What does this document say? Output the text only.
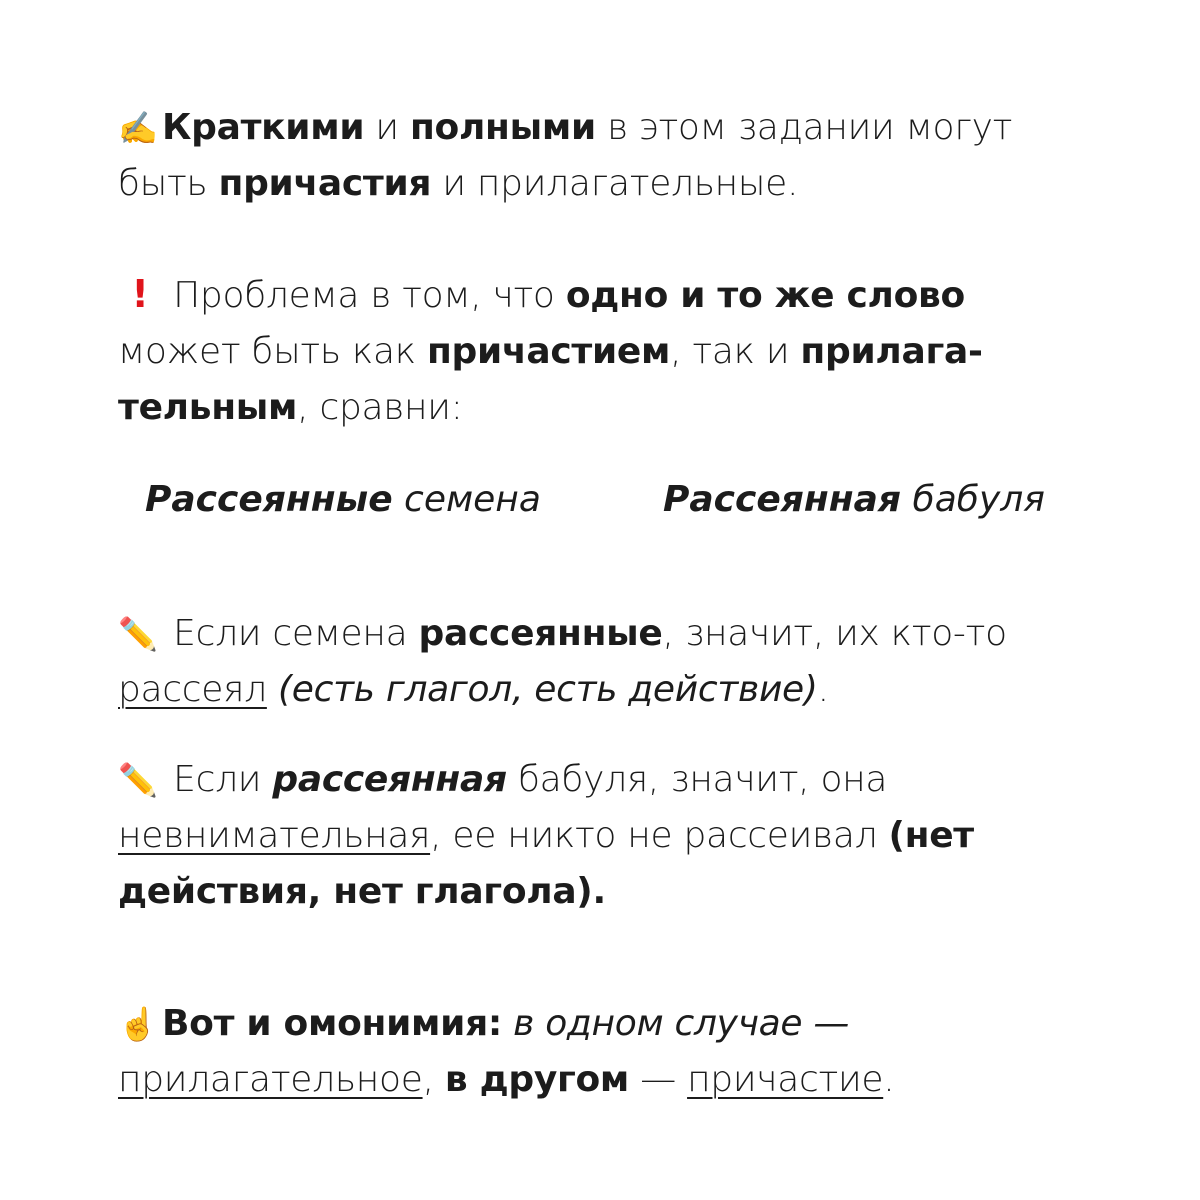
✍ Краткими и полными в этом задании могут быть причастия и прилагательные.
! Проблема в том, что одно и то же слово может быть как причастием, так и прилага-тельным, сравни:
Рассеянные семена	Рассеянная бабуля
✏️ Если семена рассеянные, значит, их кто-то рассеял (есть глагол, есть действие).
✏️ Если рассеянная бабуля, значит, она невнимательная, ее никто не рассеивал (нет действия, нет глагола).
☝️ Вот и омонимия: в одном случае — прилагательное, в другом — причастие.
